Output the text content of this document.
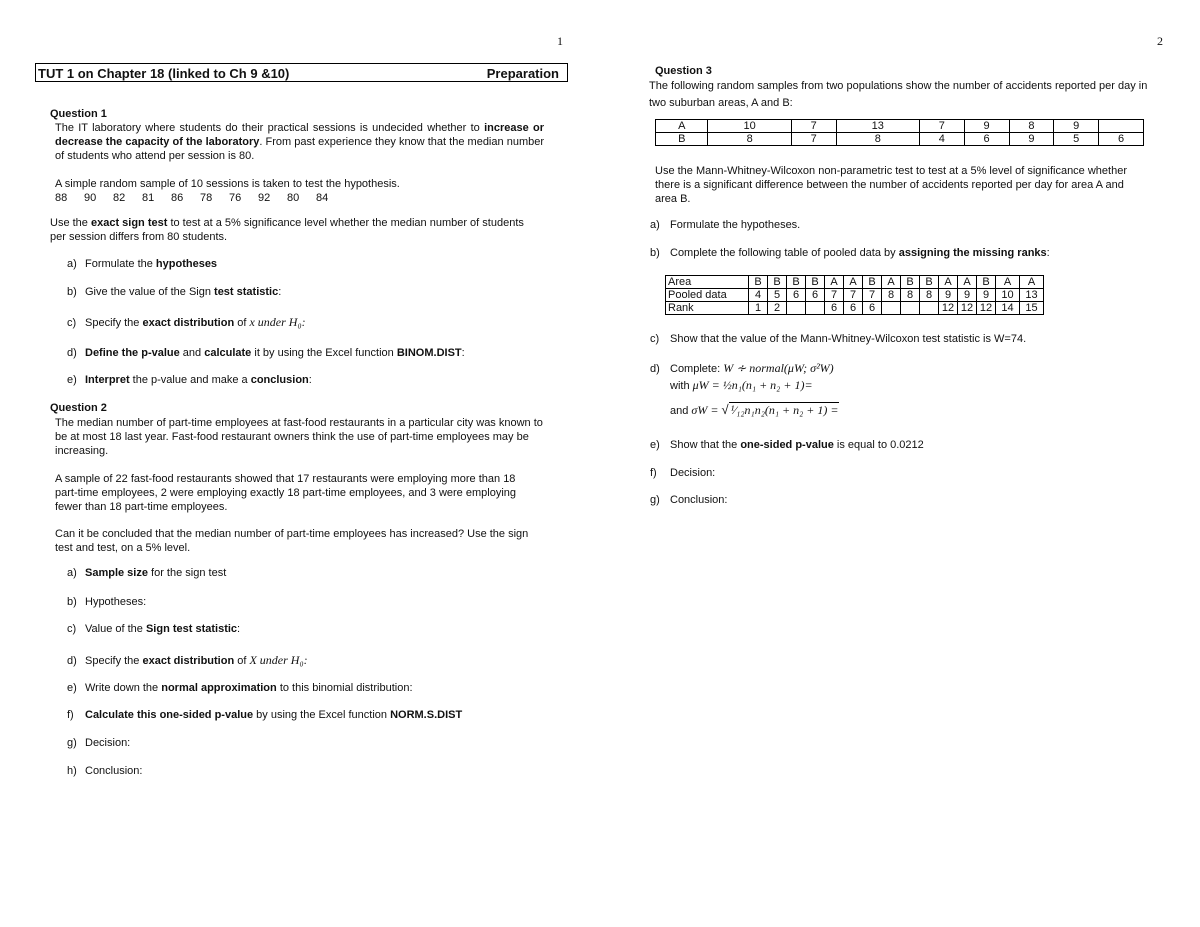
1	2
TUT 1 on Chapter 18 (linked to Ch 9 &10)	Preparation
Question 1
The IT laboratory where students do their practical sessions is undecided whether to increase or decrease the capacity of the laboratory. From past experience they know that the median number of students who attend per session is 80.
A simple random sample of 10 sessions is taken to test the hypothesis.
88 90 82 81 86 78 76 92 80 84
Use the exact sign test to test at a 5% significance level whether the median number of students per session differs from 80 students.
a) Formulate the hypotheses
b) Give the value of the Sign test statistic:
c) Specify the exact distribution of x under H₀:
d) Define the p-value and calculate it by using the Excel function BINOM.DIST:
e) Interpret the p-value and make a conclusion:
Question 2
The median number of part-time employees at fast-food restaurants in a particular city was known to be at most 18 last year. Fast-food restaurant owners think the use of part-time employees may be increasing.
A sample of 22 fast-food restaurants showed that 17 restaurants were employing more than 18 part-time employees, 2 were employing exactly 18 part-time employees, and 3 were employing fewer than 18 part-time employees.
Can it be concluded that the median number of part-time employees has increased? Use the sign test and test, on a 5% level.
a) Sample size for the sign test
b) Hypotheses:
c) Value of the Sign test statistic:
d) Specify the exact distribution of X under H₀:
e) Write down the normal approximation to this binomial distribution:
f) Calculate this one-sided p-value by using the Excel function NORM.S.DIST
g) Decision:
h) Conclusion:
Question 3
The following random samples from two populations show the number of accidents reported per day in two suburban areas, A and B:
A	10	7	13	7	9	8	9	
B	8	7	8	4	6	9	5	6
Use the Mann-Whitney-Wilcoxon non-parametric test to test at a 5% level of significance whether there is a significant difference between the number of accidents reported per day for area A and area B.
a) Formulate the hypotheses.
b) Complete the following table of pooled data by assigning the missing ranks:
Area	B	B	B	B	A	A	B	A	B	B	A	A	B	A	A
Pooled data	4	5	6	6	7	7	7	8	8	8	9	9	9	10	13
Rank	1	2			6	6	6				12	12	12	14	15
c) Show that the value of the Mann-Whitney-Wilcoxon test statistic is W=74.
d) Complete: W ∻ normal(μW; σ²W)
with μW = ½n₁(n₁ + n₂ + 1)=
and σW = √ ¹⁄₁₂n₁n₂(n₁ + n₂ + 1) =
e) Show that the one-sided p-value is equal to 0.0212
f) Decision:
g) Conclusion:
